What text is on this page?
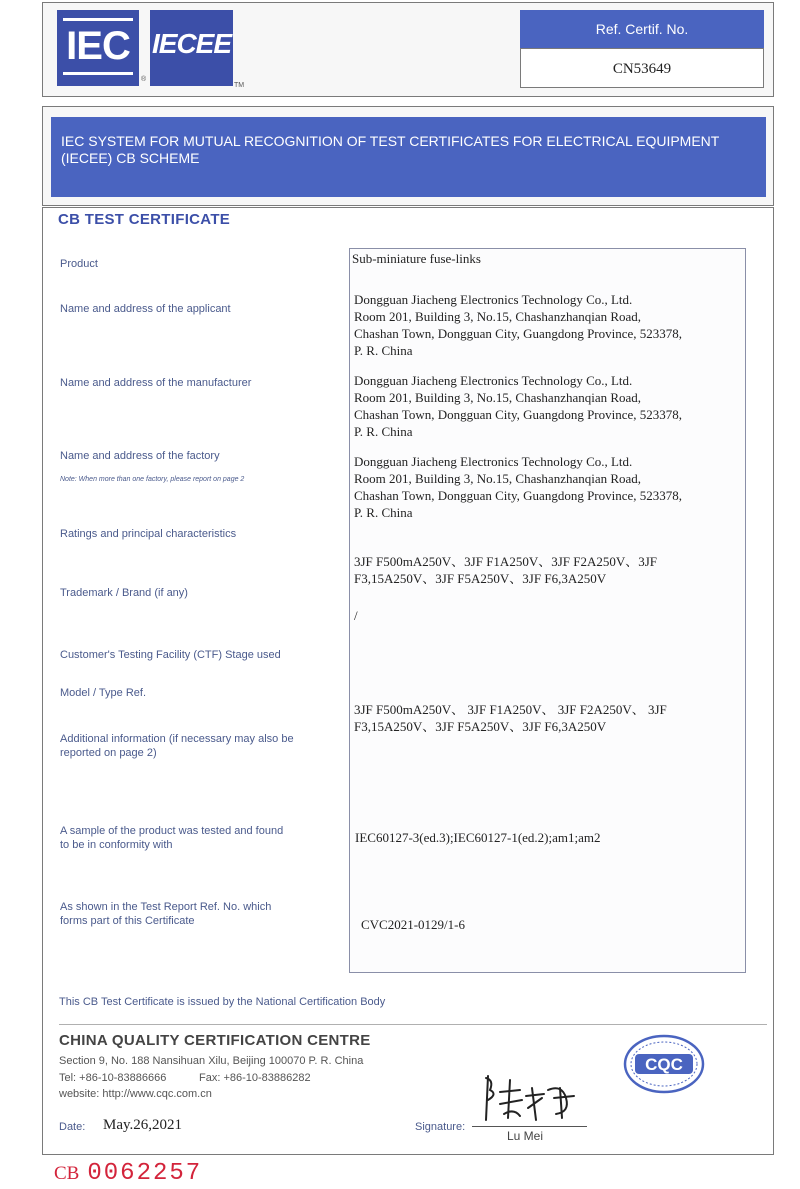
IEC
®
IECEE
TM
Ref. Certif. No.
CN53649
IEC SYSTEM FOR MUTUAL RECOGNITION OF TEST CERTIFICATES FOR ELECTRICAL EQUIPMENT (IECEE) CB SCHEME
CB TEST CERTIFICATE
Product
Name and address of the applicant
Name and address of the manufacturer
Name and address of the factory
Note: When more than one factory, please report on page 2
Ratings and principal characteristics
Trademark / Brand (if any)
Customer's Testing Facility (CTF) Stage used
Model / Type Ref.
Additional information (if necessary may also be
reported on page 2)
A sample of the product was tested and found
to be in conformity with
As shown in the Test Report Ref. No. which
forms part of this Certificate
Sub-miniature fuse-links
Dongguan Jiacheng Electronics Technology Co., Ltd.
Room 201, Building 3, No.15, Chashanzhanqian Road,
Chashan Town, Dongguan City, Guangdong Province, 523378,
P. R. China
Dongguan Jiacheng Electronics Technology Co., Ltd.
Room 201, Building 3, No.15, Chashanzhanqian Road,
Chashan Town, Dongguan City, Guangdong Province, 523378,
P. R. China
Dongguan Jiacheng Electronics Technology Co., Ltd.
Room 201, Building 3, No.15, Chashanzhanqian Road,
Chashan Town, Dongguan City, Guangdong Province, 523378,
P. R. China
3JF F500mA250V、3JF F1A250V、3JF F2A250V、3JF
F3,15A250V、3JF F5A250V、3JF F6,3A250V
/
3JF F500mA250V、 3JF F1A250V、 3JF F2A250V、 3JF
F3,15A250V、3JF F5A250V、3JF F6,3A250V
IEC60127-3(ed.3);IEC60127-1(ed.2);am1;am2
CVC2021-0129/1-6
This CB Test Certificate is issued by the National Certification Body
CHINA QUALITY CERTIFICATION CENTRE
Section 9, No. 188 Nansihuan Xilu, Beijing 100070 P. R. China
Tel: +86-10-83886666	Fax: +86-10-83886282
website: http://www.cqc.com.cn
CQC
Date: May.26,2021	Signature:
Lu Mei
CB 0062257
